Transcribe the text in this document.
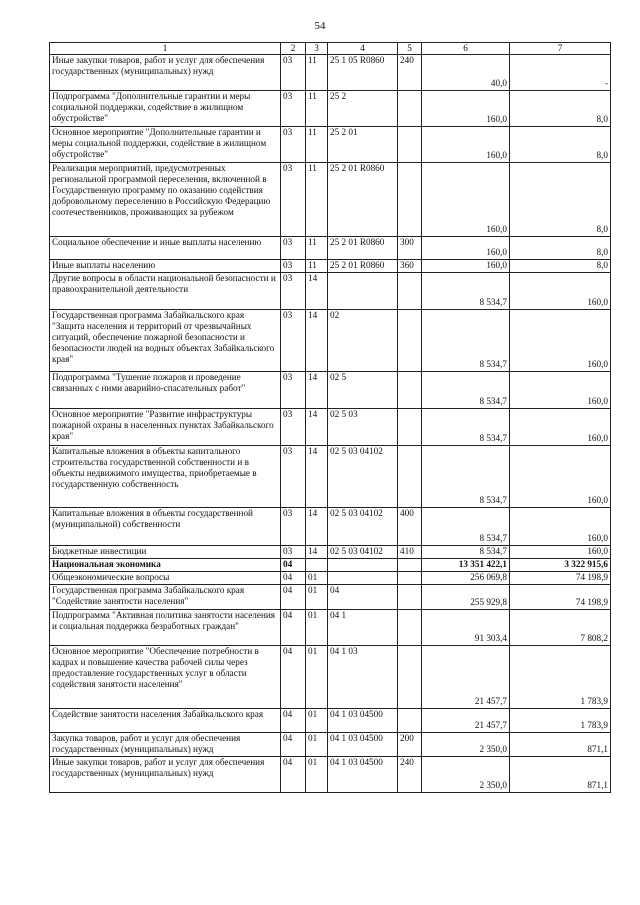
54
1	2	3	4	5	6	7
Иные закупки товаров, работ и услуг для обеспечения государственных (муниципальных) нужд	03	11	25 1 05 R0860	240	40,0	-
Подпрограмма "Дополнительные гарантии и меры социальной поддержки, содействие в жилищном обустройстве"	03	11	25 2		160,0	8,0
Основное мероприятие "Дополнительные гарантии и меры социальной поддержки, содействие в жилищном обустройстве"	03	11	25 2 01		160,0	8,0
Реализация мероприятий, предусмотренных региональной программой переселения, включенной в Государственную программу по оказанию содействия добровольному переселению в Российскую Федерацию соотечественников, проживающих за рубежом	03	11	25 2 01 R0860		160,0	8,0
Социальное обеспечение и иные выплаты населению	03	11	25 2 01 R0860	300	160,0	8,0
Иные выплаты населению	03	11	25 2 01 R0860	360	160,0	8,0
Другие вопросы в области национальной безопасности и правоохранительной деятельности	03	14			8 534,7	160,0
Государственная программа Забайкальского края "Защита населения и территорий от чрезвычайных ситуаций, обеспечение пожарной безопасности и безопасности людей на водных объектах Забайкальского края"	03	14	02		8 534,7	160,0
Подпрограмма "Тушение пожаров и проведение связанных с ними аварийно-спасательных работ"	03	14	02 5		8 534,7	160,0
Основное мероприятие "Развитие инфраструктуры пожарной охраны в населенных пунктах Забайкальского края"	03	14	02 5 03		8 534,7	160,0
Капитальные вложения в объекты капитального строительства государственной собственности и в объекты недвижимого имущества, приобретаемые в государственную собственность	03	14	02 5 03 04102		8 534,7	160,0
Капитальные вложения в объекты государственной (муниципальной) собственности	03	14	02 5 03 04102	400	8 534,7	160,0
Бюджетные инвестиции	03	14	02 5 03 04102	410	8 534,7	160,0
Национальная экономика	04				13 351 422,1	3 322 915,6
Общеэкономические вопросы	04	01			256 069,8	74 198,9
Государственная программа Забайкальского края "Содействие занятости населения"	04	01	04		255 929,8	74 198,9
Подпрограмма "Активная политика занятости населения и социальная поддержка безработных граждан"	04	01	04 1		91 303,4	7 808,2
Основное мероприятие "Обеспечение потребности в кадрах и повышение качества рабочей силы через предоставление государственных услуг в области содействия занятости населения"	04	01	04 1 03		21 457,7	1 783,9
Содействие занятости населения Забайкальского края	04	01	04 1 03 04500		21 457,7	1 783,9
Закупка товаров, работ и услуг для обеспечения государственных (муниципальных) нужд	04	01	04 1 03 04500	200	2 350,0	871,1
Иные закупки товаров, работ и услуг для обеспечения государственных (муниципальных) нужд	04	01	04 1 03 04500	240	2 350,0	871,1
